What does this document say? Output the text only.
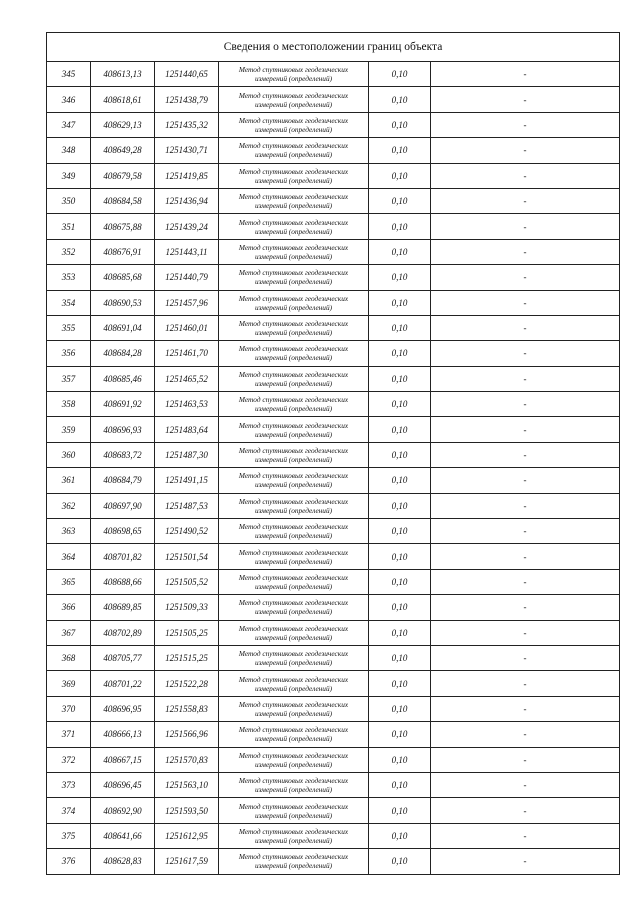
Сведения о местоположении границ объекта					
345	408613,13	1251440,65	Метод спутниковых геодезических
измерений (определений)	0,10	-
346	408618,61	1251438,79	Метод спутниковых геодезических
измерений (определений)	0,10	-
347	408629,13	1251435,32	Метод спутниковых геодезических
измерений (определений)	0,10	-
348	408649,28	1251430,71	Метод спутниковых геодезических
измерений (определений)	0,10	-
349	408679,58	1251419,85	Метод спутниковых геодезических
измерений (определений)	0,10	-
350	408684,58	1251436,94	Метод спутниковых геодезических
измерений (определений)	0,10	-
351	408675,88	1251439,24	Метод спутниковых геодезических
измерений (определений)	0,10	-
352	408676,91	1251443,11	Метод спутниковых геодезических
измерений (определений)	0,10	-
353	408685,68	1251440,79	Метод спутниковых геодезических
измерений (определений)	0,10	-
354	408690,53	1251457,96	Метод спутниковых геодезических
измерений (определений)	0,10	-
355	408691,04	1251460,01	Метод спутниковых геодезических
измерений (определений)	0,10	-
356	408684,28	1251461,70	Метод спутниковых геодезических
измерений (определений)	0,10	-
357	408685,46	1251465,52	Метод спутниковых геодезических
измерений (определений)	0,10	-
358	408691,92	1251463,53	Метод спутниковых геодезических
измерений (определений)	0,10	-
359	408696,93	1251483,64	Метод спутниковых геодезических
измерений (определений)	0,10	-
360	408683,72	1251487,30	Метод спутниковых геодезических
измерений (определений)	0,10	-
361	408684,79	1251491,15	Метод спутниковых геодезических
измерений (определений)	0,10	-
362	408697,90	1251487,53	Метод спутниковых геодезических
измерений (определений)	0,10	-
363	408698,65	1251490,52	Метод спутниковых геодезических
измерений (определений)	0,10	-
364	408701,82	1251501,54	Метод спутниковых геодезических
измерений (определений)	0,10	-
365	408688,66	1251505,52	Метод спутниковых геодезических
измерений (определений)	0,10	-
366	408689,85	1251509,33	Метод спутниковых геодезических
измерений (определений)	0,10	-
367	408702,89	1251505,25	Метод спутниковых геодезических
измерений (определений)	0,10	-
368	408705,77	1251515,25	Метод спутниковых геодезических
измерений (определений)	0,10	-
369	408701,22	1251522,28	Метод спутниковых геодезических
измерений (определений)	0,10	-
370	408696,95	1251558,83	Метод спутниковых геодезических
измерений (определений)	0,10	-
371	408666,13	1251566,96	Метод спутниковых геодезических
измерений (определений)	0,10	-
372	408667,15	1251570,83	Метод спутниковых геодезических
измерений (определений)	0,10	-
373	408696,45	1251563,10	Метод спутниковых геодезических
измерений (определений)	0,10	-
374	408692,90	1251593,50	Метод спутниковых геодезических
измерений (определений)	0,10	-
375	408641,66	1251612,95	Метод спутниковых геодезических
измерений (определений)	0,10	-
376	408628,83	1251617,59	Метод спутниковых геодезических
измерений (определений)	0,10	-
